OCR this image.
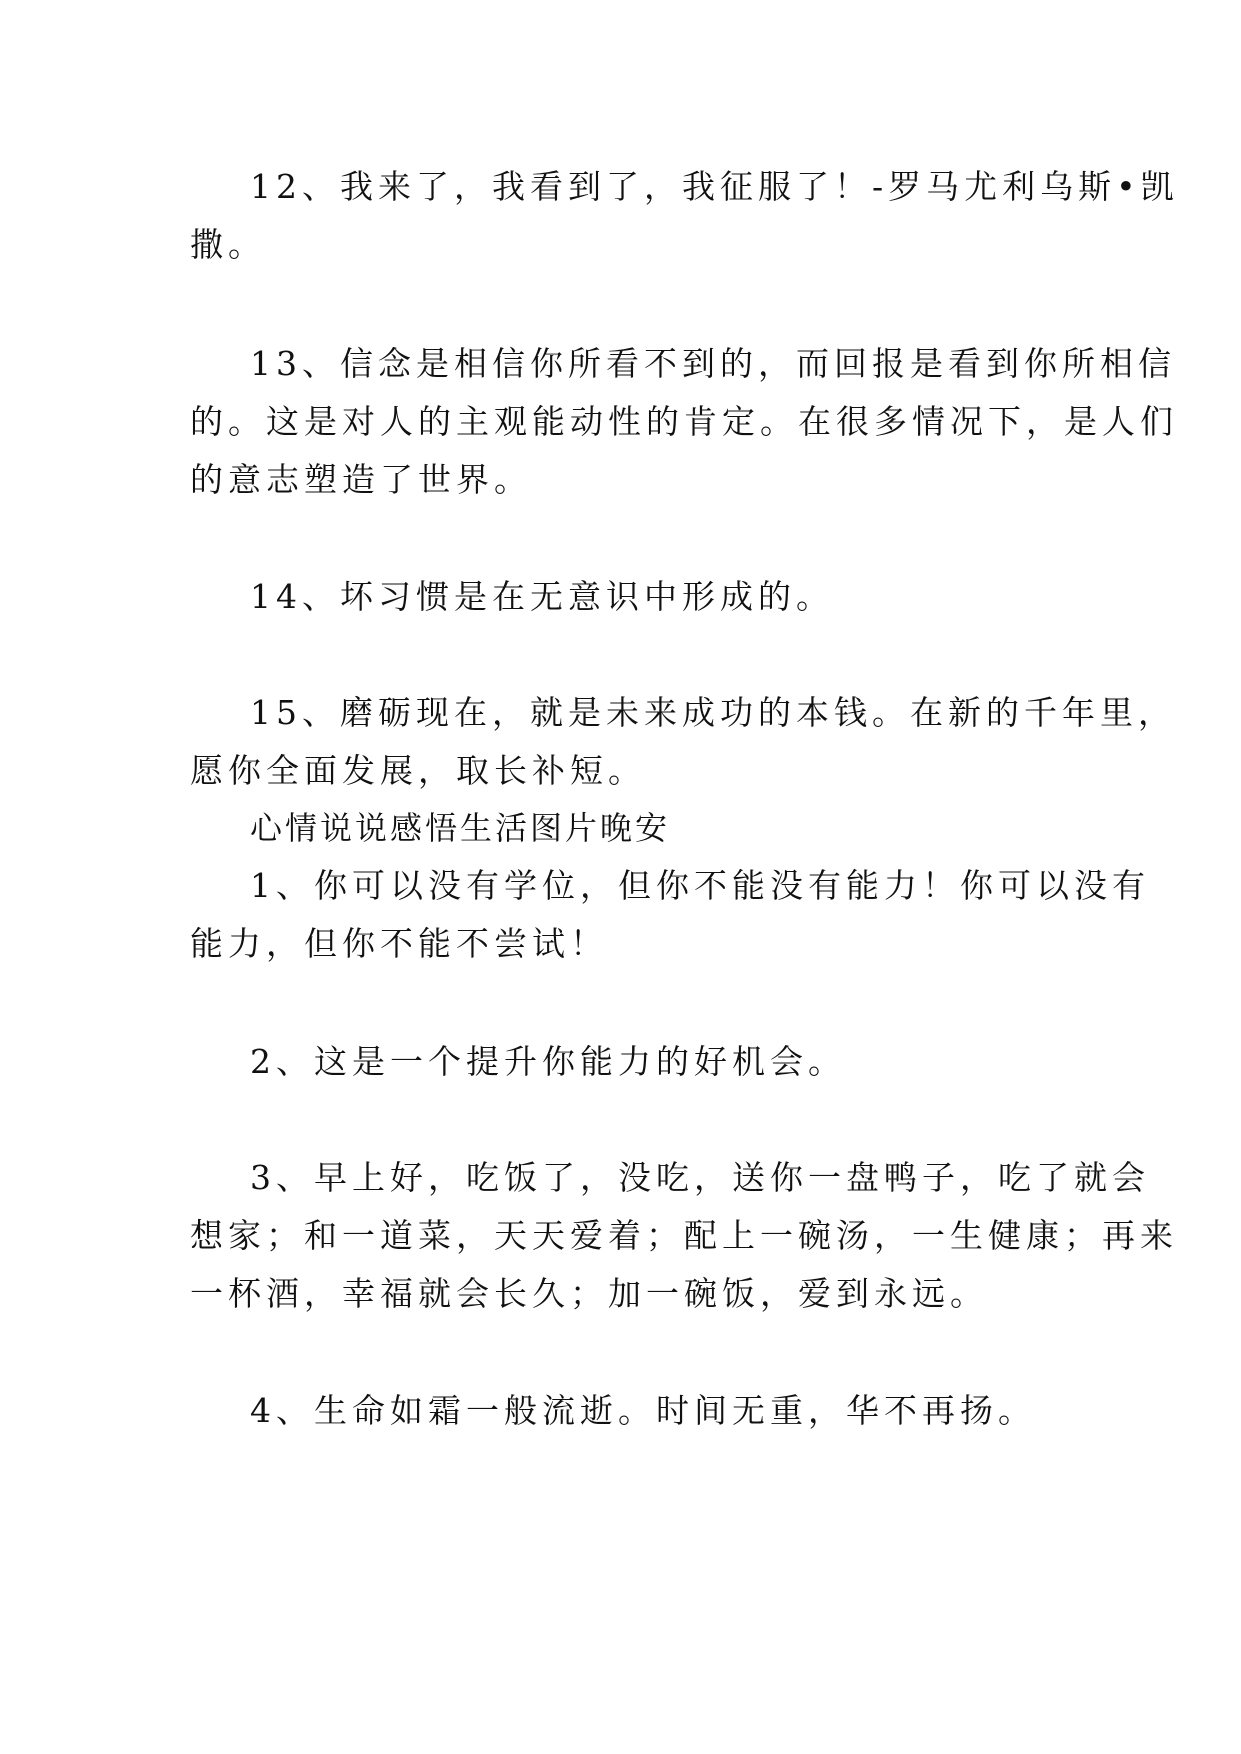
12、我来了，我看到了，我征服了！-罗马尤利乌斯•凯
撒。
13、信念是相信你所看不到的，而回报是看到你所相信
的。这是对人的主观能动性的肯定。在很多情况下，是人们
的意志塑造了世界。
14、坏习惯是在无意识中形成的。
15、磨砺现在，就是未来成功的本钱。在新的千年里，
愿你全面发展，取长补短。
心情说说感悟生活图片晚安
1、你可以没有学位，但你不能没有能力！你可以没有
能力，但你不能不尝试！
2、这是一个提升你能力的好机会。
3、早上好，吃饭了，没吃，送你一盘鸭子，吃了就会
想家；和一道菜，天天爱着；配上一碗汤，一生健康；再来
一杯酒，幸福就会长久；加一碗饭，爱到永远。
4、生命如霜一般流逝。时间无重，华不再扬。
